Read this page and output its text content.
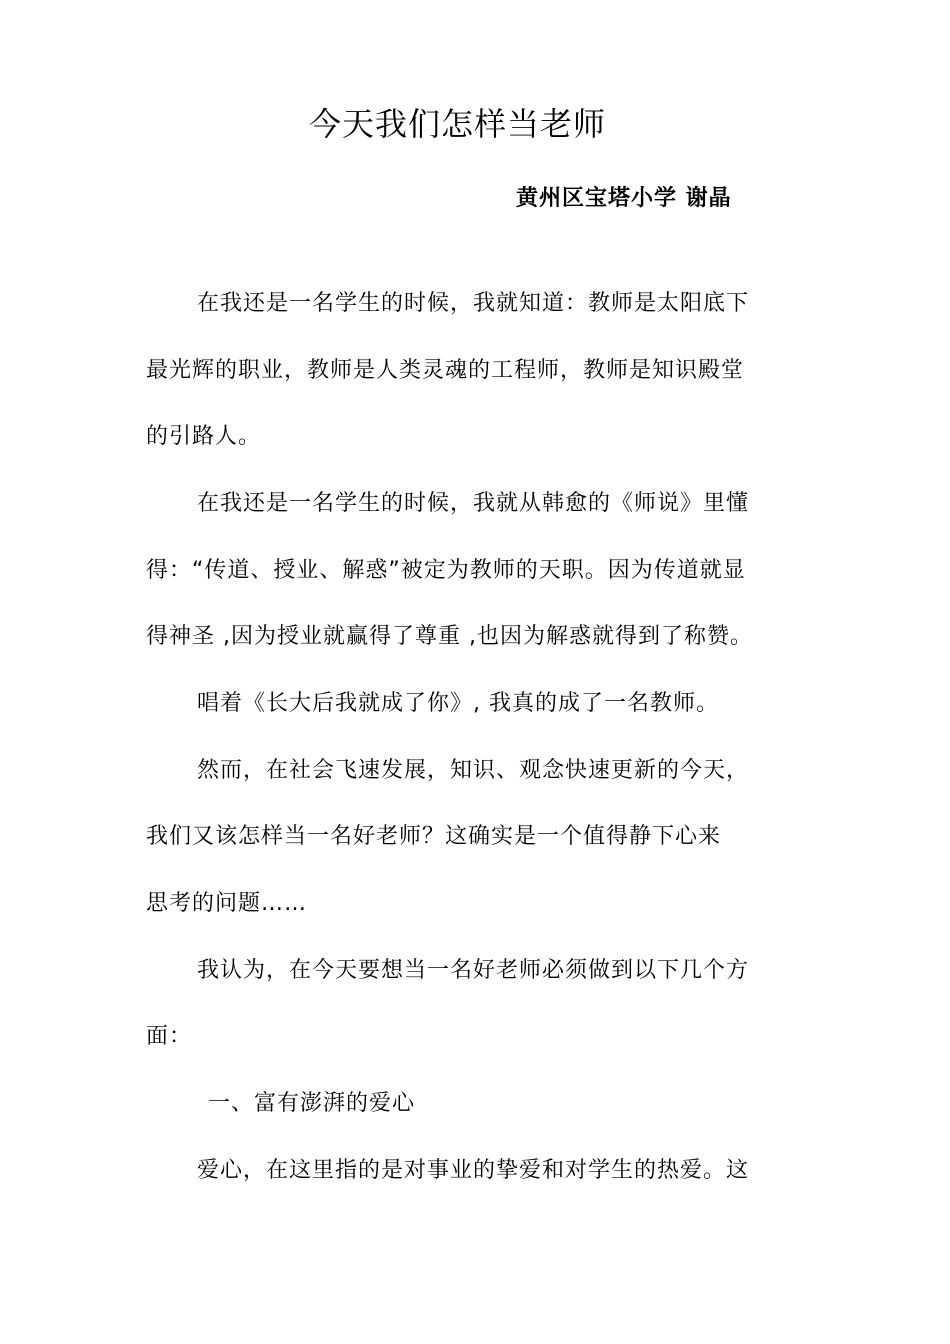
今天我们怎样当老师
黄州区宝塔小学 谢晶
在我还是一名学生的时候，我就知道：教师是太阳底下
最光辉的职业，教师是人类灵魂的工程师，教师是知识殿堂
的引路人。
在我还是一名学生的时候，我就从韩愈的《师说》里懂
得：“传道、授业、解惑”被定为教师的天职。因为传道就显
得神圣 ,因为授业就赢得了尊重 ,也因为解惑就得到了称赞。
唱着《长大后我就成了你》, 我真的成了一名教师。
然而，在社会飞速发展，知识、观念快速更新的今天，
我们又该怎样当一名好老师？这确实是一个值得静下心来
思考的问题……
我认为，在今天要想当一名好老师必须做到以下几个方
面：
一、富有澎湃的爱心
爱心，在这里指的是对事业的挚爱和对学生的热爱。这
